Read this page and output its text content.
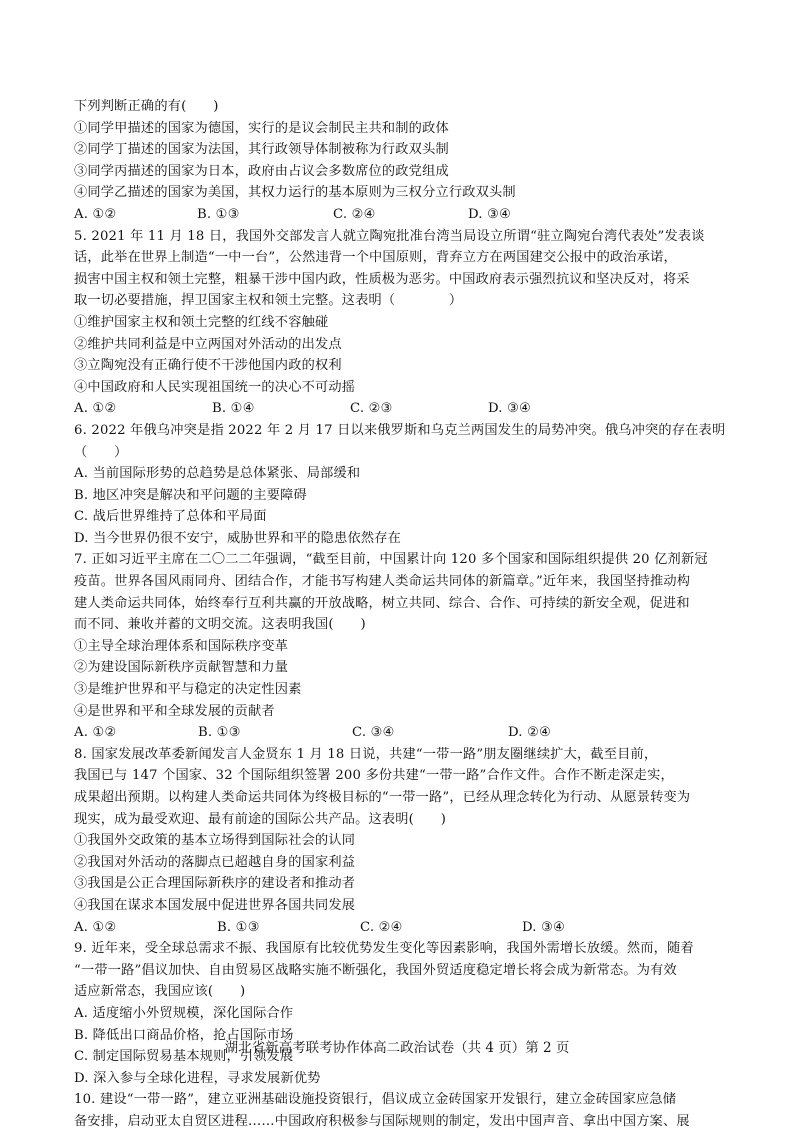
下列判断正确的有(　　)
①同学甲描述的国家为德国，实行的是议会制民主共和制的政体
②同学丁描述的国家为法国，其行政领导体制被称为行政双头制
③同学丙描述的国家为日本，政府由占议会多数席位的政党组成
④同学乙描述的国家为美国，其权力运行的基本原则为三权分立行政双头制
A. ①②	B. ①③	C. ②④	D. ③④
5. 2021 年 11 月 18 日，我国外交部发言人就立陶宛批准台湾当局设立所谓“驻立陶宛台湾代表处”发表谈
话，此举在世界上制造“一中一台”，公然违背一个中国原则，背弃立方在两国建交公报中的政治承诺，
损害中国主权和领土完整，粗暴干涉中国内政，性质极为恶劣。中国政府表示强烈抗议和坚决反对，将采
取一切必要措施，捍卫国家主权和领土完整。这表明（　　　　）
①维护国家主权和领土完整的红线不容触碰
②维护共同利益是中立两国对外活动的出发点
③立陶宛没有正确行使不干涉他国内政的权利
④中国政府和人民实现祖国统一的决心不可动摇
A. ①②	B. ①④	C. ②③	D. ③④
6. 2022 年俄乌冲突是指 2022 年 2 月 17 日以来俄罗斯和乌克兰两国发生的局势冲突。俄乌冲突的存在表明
（　　）
A. 当前国际形势的总趋势是总体紧张、局部缓和
B. 地区冲突是解决和平问题的主要障碍
C. 战后世界维持了总体和平局面
D. 当今世界仍很不安宁，威胁世界和平的隐患依然存在
7. 正如习近平主席在二〇二二年强调，“截至目前，中国累计向 120 多个国家和国际组织提供 20 亿剂新冠
疫苗。世界各国风雨同舟、团结合作，才能书写构建人类命运共同体的新篇章。”近年来，我国坚持推动构
建人类命运共同体，始终奉行互利共赢的开放战略，树立共同、综合、合作、可持续的新安全观，促进和
而不同、兼收并蓄的文明交流。这表明我国(　　)
①主导全球治理体系和国际秩序变革
②为建设国际新秩序贡献智慧和力量
③是维护世界和平与稳定的决定性因素
④是世界和平和全球发展的贡献者
A. ①②	B. ①③	C. ③④	D. ②④
8. 国家发展改革委新闻发言人金贤东 1 月 18 日说，共建“一带一路”朋友圈继续扩大，截至目前，
我国已与 147 个国家、32 个国际组织签署 200 多份共建“一带一路”合作文件。合作不断走深走实，
成果超出预期。以构建人类命运共同体为终极目标的“一带一路”，已经从理念转化为行动、从愿景转变为
现实，成为最受欢迎、最有前途的国际公共产品。这表明(　　)
①我国外交政策的基本立场得到国际社会的认同
②我国对外活动的落脚点已超越自身的国家利益
③我国是公正合理国际新秩序的建设者和推动者
④我国在谋求本国发展中促进世界各国共同发展
A. ①②	B. ①③	C. ②④	D. ③④
9. 近年来，受全球总需求不振、我国原有比较优势发生变化等因素影响，我国外需增长放缓。然而，随着
“一带一路”倡议加快、自由贸易区战略实施不断强化，我国外贸适度稳定增长将会成为新常态。为有效
适应新常态，我国应该(　　)
A. 适度缩小外贸规模，深化国际合作
B. 降低出口商品价格，抢占国际市场
C. 制定国际贸易基本规则，引领发展
D. 深入参与全球化进程，寻求发展新优势
10. 建设“一带一路”，建立亚洲基础设施投资银行，倡议成立金砖国家开发银行，建立金砖国家应急储
备安排，启动亚太自贸区进程……中国政府积极参与国际规则的制定，发出中国声音、拿出中国方案、展
湖北省新高考联考协作体高二政治试卷（共 4 页）第 2 页
